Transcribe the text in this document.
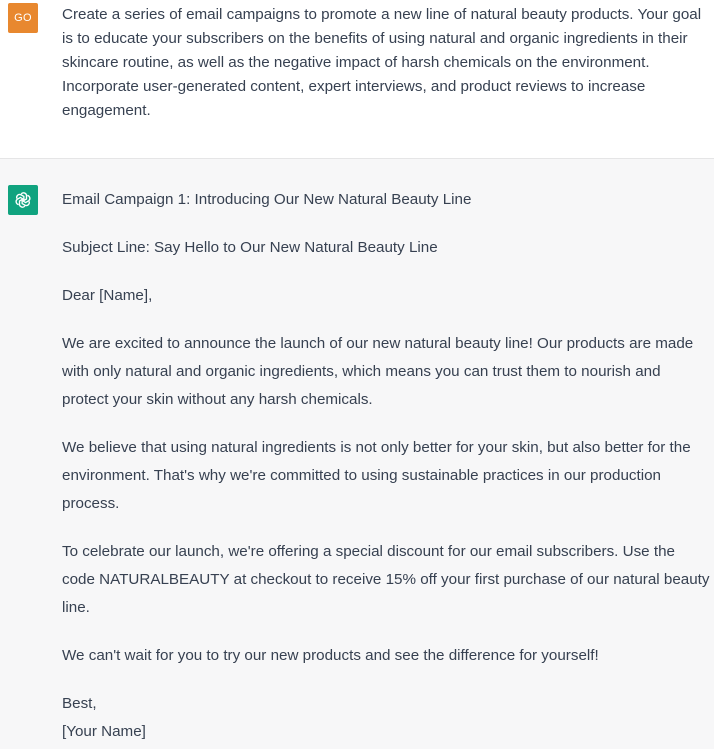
GO Create a series of email campaigns to promote a new line of natural beauty products. Your goal is to educate your subscribers on the benefits of using natural and organic ingredients in their skincare routine, as well as the negative impact of harsh chemicals on the environment. Incorporate user-generated content, expert interviews, and product reviews to increase engagement.

Email Campaign 1: Introducing Our New Natural Beauty Line

Subject Line: Say Hello to Our New Natural Beauty Line

Dear [Name],

We are excited to announce the launch of our new natural beauty line! Our products are made with only natural and organic ingredients, which means you can trust them to nourish and protect your skin without any harsh chemicals.

We believe that using natural ingredients is not only better for your skin, but also better for the environment. That's why we're committed to using sustainable practices in our production process.

To celebrate our launch, we're offering a special discount for our email subscribers. Use the code NATURALBEAUTY at checkout to receive 15% off your first purchase of our natural beauty line.

We can't wait for you to try our new products and see the difference for yourself!

Best,
[Your Name]
